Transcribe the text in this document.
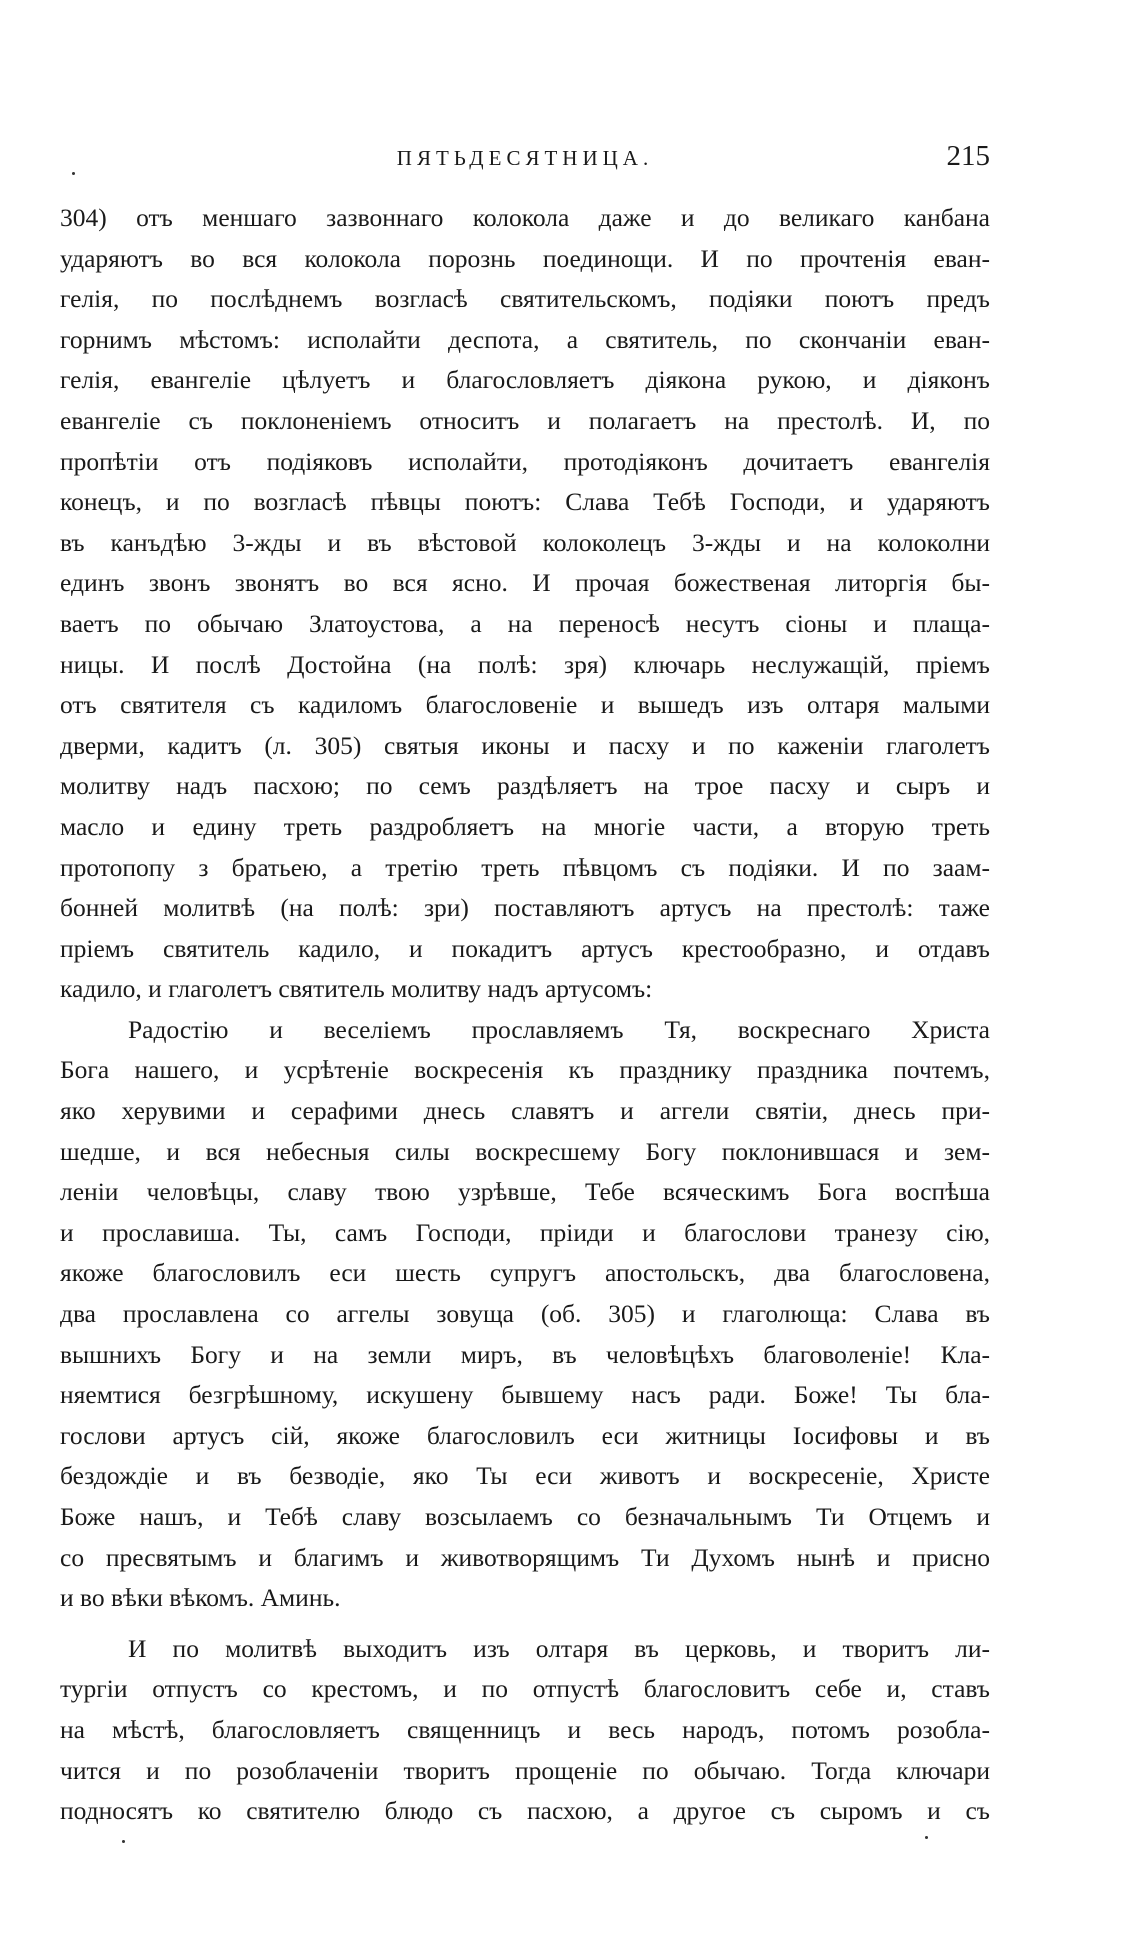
ПЯТЬДЕСЯТНИЦА.	215
304) отъ меншаго зазвоннаго колокола даже и до великаго канбана
ударяютъ во вся колокола порознь поединощи. И по прочтенія еван-
гелія, по послѣднемъ возгласѣ святительскомъ, подіяки поютъ предъ
горнимъ мѣстомъ: исполайти деспота, а святитель, по скончаніи еван-
гелія, евангеліе цѣлуетъ и благословляетъ діякона рукою, и діяконъ
евангеліе съ поклоненіемъ относитъ и полагаетъ на престолѣ. И, по
пропѣтіи отъ подіяковъ исполайти, протодіяконъ дочитаетъ евангелія
конецъ, и по возгласѣ пѣвцы поютъ: Слава Тебѣ Господи, и ударяютъ
въ канъдѣю 3-жды и въ вѣстовой колоколецъ 3-жды и на колоколни
единъ звонъ звонятъ во вся ясно. И прочая божественая литоргія бы-
ваетъ по обычаю Златоустова, а на переносѣ несутъ сіоны и плаща-
ницы. И послѣ Достойна (на полѣ: зря) ключарь неслужащій, пріемъ
отъ святителя съ кадиломъ благословеніе и вышедъ изъ олтаря малыми
дверми, кадитъ (л. 305) святыя иконы и пасху и по каженіи глаголетъ
молитву надъ пасхою; по семъ раздѣляетъ на трое пасху и сыръ и
масло и едину треть раздробляетъ на многіе части, а вторую треть
протопопу з братьею, а третію треть пѣвцомъ съ подіяки. И по заам-
бонней молитвѣ (на полѣ: зри) поставляютъ артусъ на престолѣ: таже
пріемъ святитель кадило, и покадитъ артусъ крестообразно, и отдавъ
кадило, и глаголетъ святитель молитву надъ артусомъ:
Радостію и веселіемъ прославляемъ Тя, воскреснаго Христа
Бога нашего, и усрѣтеніе воскресенія къ празднику праздника почтемъ,
яко херувими и серафими днесь славятъ и аггели святіи, днесь при-
шедше, и вся небесныя силы воскресшему Богу поклонившася и зем-
леніи человѣцы, славу твою узрѣвше, Тебе всяческимъ Бога воспѣша
и прославиша. Ты, самъ Господи, пріиди и благослови транезу сію,
якоже благословилъ еси шесть супругъ апостольскъ, два благословена,
два прославлена со аггелы зовуща (об. 305) и глаголюща: Слава въ
вышнихъ Богу и на земли миръ, въ человѣцѣхъ благоволеніе! Кла-
няемтися безгрѣшному, искушену бывшему насъ ради. Боже! Ты бла-
гослови артусъ сій, якоже благословилъ еси житницы Іосифовы и въ
бездождіе и въ безводіе, яко Ты еси животъ и воскресеніе, Христе
Боже нашъ, и Тебѣ славу возсылаемъ со безначальнымъ Ти Отцемъ и
со пресвятымъ и благимъ и животворящимъ Ти Духомъ нынѣ и присно
и во вѣки вѣкомъ. Аминь.
И по молитвѣ выходитъ изъ олтаря въ церковь, и творитъ ли-
тургіи отпустъ со крестомъ, и по отпустѣ благословитъ себе и, ставъ
на мѣстѣ, благословляетъ священницъ и весь народъ, потомъ розобла-
чится и по розоблаченіи творитъ прощеніе по обычаю. Тогда ключари
подносятъ ко святителю блюдо съ пасхою, а другое съ сыромъ и съ
